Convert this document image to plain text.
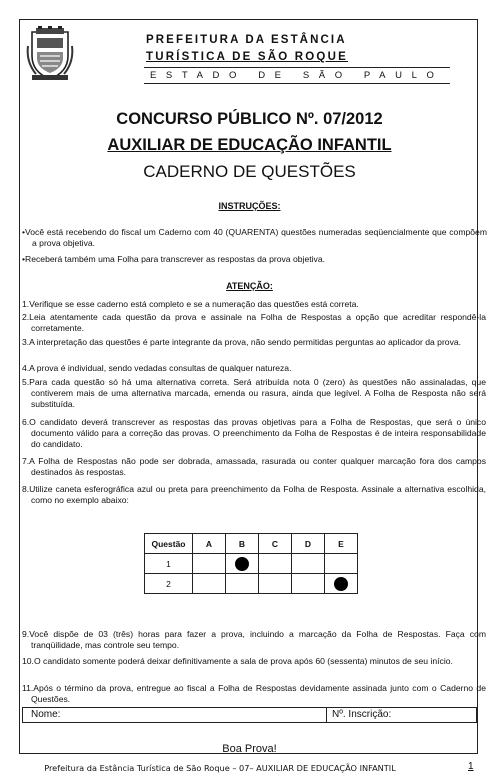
PREFEITURA DA ESTÂNCIA
TURÍSTICA DE SÃO ROQUE
ESTADO DE SÃO PAULO
CONCURSO PÚBLICO Nº. 07/2012
AUXILIAR DE EDUCAÇÃO INFANTIL
CADERNO DE QUESTÕES
INSTRUÇÕES:

•Você está recebendo do fiscal um Caderno com 40 (QUARENTA) questões numeradas seqüencialmente que compõem a prova objetiva.

•Receberá também uma Folha para transcrever as respostas da prova objetiva.

ATENÇÃO:

1.Verifique se esse caderno está completo e se a numeração das questões está correta.

2.Leia atentamente cada questão da prova e assinale na Folha de Respostas a opção que acreditar respondê-la corretamente.

3.A interpretação das questões é parte integrante da prova, não sendo permitidas perguntas ao aplicador da prova.

4.A prova é individual, sendo vedadas consultas de qualquer natureza.

5.Para cada questão só há uma alternativa correta. Será atribuída nota 0 (zero) às questões não assinaladas, que contiverem mais de uma alternativa marcada, emenda ou rasura, ainda que legível. A Folha de Resposta não será substituída.

6.O candidato deverá transcrever as respostas das provas objetivas para a Folha de Respostas, que será o único documento válido para a correção das provas. O preenchimento da Folha de Respostas é de inteira responsabilidade do candidato.

7.A Folha de Respostas não pode ser dobrada, amassada, rasurada ou conter qualquer marcação fora dos campos destinados às respostas.

8.Utilize caneta esferográfica azul ou preta para preenchimento da Folha de Resposta. Assinale a alternativa escolhida, como no exemplo abaixo:

Questão	A	B	C	D	E
1					
2					

9.Você dispõe de 03 (três) horas para fazer a prova, incluindo a marcação da Folha de Respostas. Faça com tranqüilidade, mas controle seu tempo.

10.O candidato somente poderá deixar definitivamente a sala de prova após 60 (sessenta) minutos de seu início.

11.Após o término da prova, entregue ao fiscal a Folha de Respostas devidamente assinada junto com o Caderno de Questões.

Nome:	Nº. Inscrição:
Boa Prova!
Prefeitura da Estância Turística de São Roque – 07– AUXILIAR DE EDUCAÇÃO INFANTIL	1
